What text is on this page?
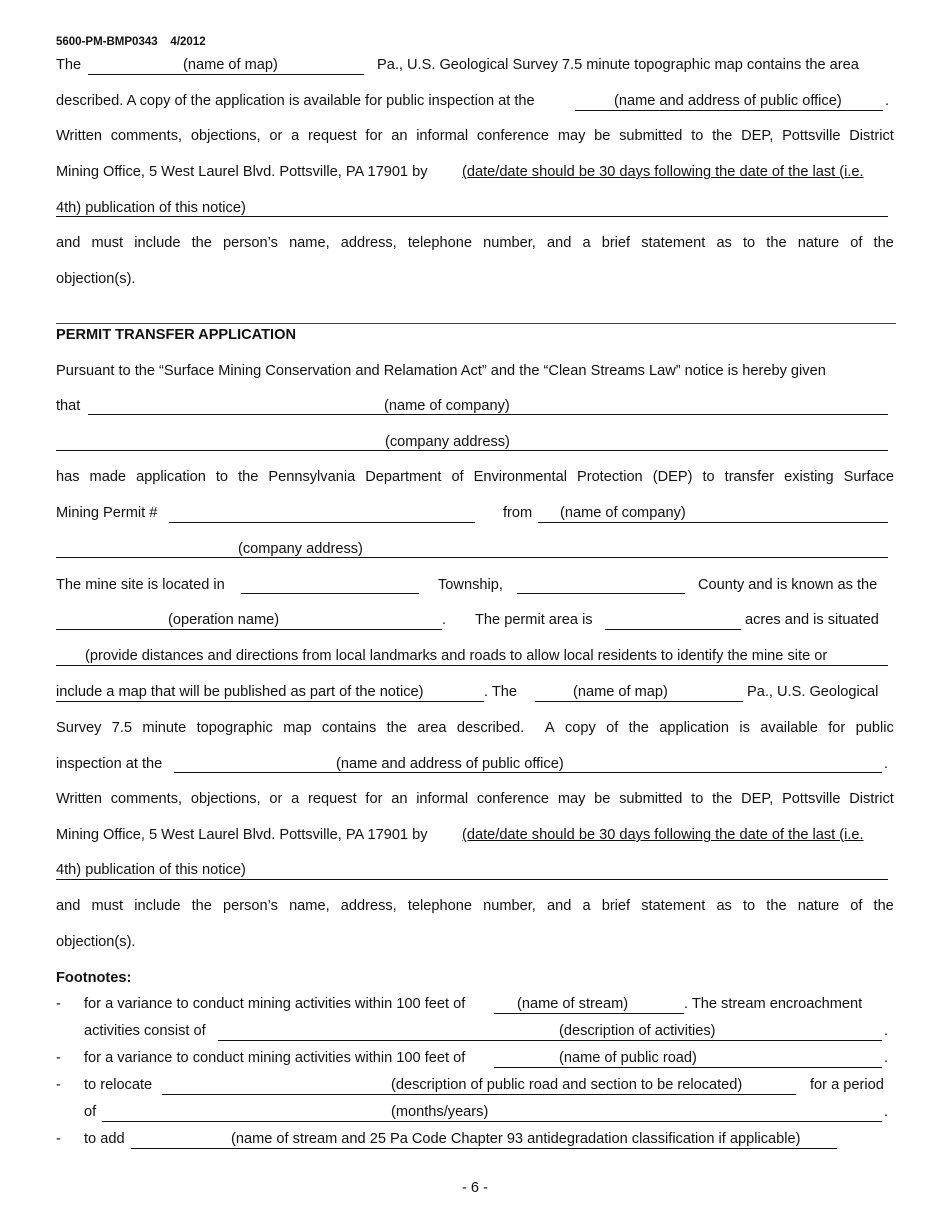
5600-PM-BMP0343 4/2012
The	(name of map)	Pa., U.S. Geological Survey 7.5 minute topographic map contains the area
described. A copy of the application is available for public inspection at the	(name and address of public office)	.
Written comments, objections, or a request for an informal conference may be submitted to the DEP, Pottsville District
Mining Office, 5 West Laurel Blvd. Pottsville, PA 17901 by (date/date should be 30 days following the date of the last (i.e.
4th) publication of this notice)
and must include the person’s name, address, telephone number, and a brief statement as to the nature of the
objection(s).
PERMIT TRANSFER APPLICATION
Pursuant to the “Surface Mining Conservation and Relamation Act” and the “Clean Streams Law” notice is hereby given
that	(name of company)
(company address)
has made application to the Pennsylvania Department of Environmental Protection (DEP) to transfer existing Surface
Mining Permit #	from (name of company)
(company address)
The mine site is located in	Township,	County and is known as the
(operation name)	. The permit area is	acres and is situated
(provide distances and directions from local landmarks and roads to allow local residents to identify the mine site or
include a map that will be published as part of the notice)	. The	(name of map)	Pa., U.S. Geological
Survey 7.5 minute topographic map contains the area described. A copy of the application is available for public
inspection at the	(name and address of public office)	.
Written comments, objections, or a request for an informal conference may be submitted to the DEP, Pottsville District
Mining Office, 5 West Laurel Blvd. Pottsville, PA 17901 by (date/date should be 30 days following the date of the last (i.e.
4th) publication of this notice)
and must include the person’s name, address, telephone number, and a brief statement as to the nature of the
objection(s).
Footnotes:
- for a variance to conduct mining activities within 100 feet of	(name of stream)	. The stream encroachment
activities consist of	(description of activities)	.
- for a variance to conduct mining activities within 100 feet of	(name of public road)	.
- to relocate	(description of public road and section to be relocated)	for a period
of	(months/years)	.
- to add	(name of stream and 25 Pa Code Chapter 93 antidegradation classification if applicable)
- 6 -
